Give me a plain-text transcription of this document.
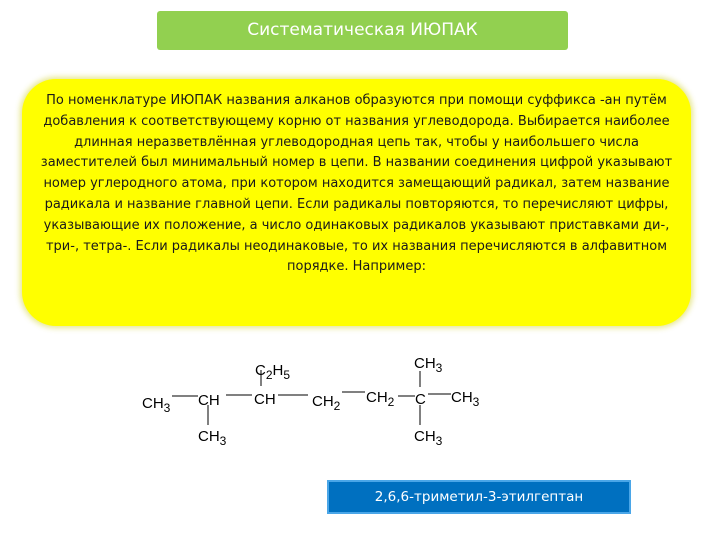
Систематическая ИЮПАК

По номенклатуре ИЮПАК названия алканов образуются при помощи суффикса -ан путём добавления к соответствующему корню от названия углеводорода. Выбирается наиболее длинная неразветвлённая углеводородная цепь так, чтобы у наибольшего числа заместителей был минимальный номер в цепи. В названии соединения цифрой указывают номер углеродного атома, при котором находится замещающий радикал, затем название радикала и название главной цепи. Если радикалы повторяются, то перечисляют цифры, указывающие их положение, а число одинаковых радикалов указывают приставками ди-, три-, тетра-. Если радикалы неодинаковые, то их названия перечисляются в алфавитном порядке. Например:

$CH_3$ CH CH $CH_2$ $CH_2$ C $CH_3$
$C_2H_5$
$CH_3$
$CH_3$
$CH_3$
2,6,6-триметил-3-этилгептан
